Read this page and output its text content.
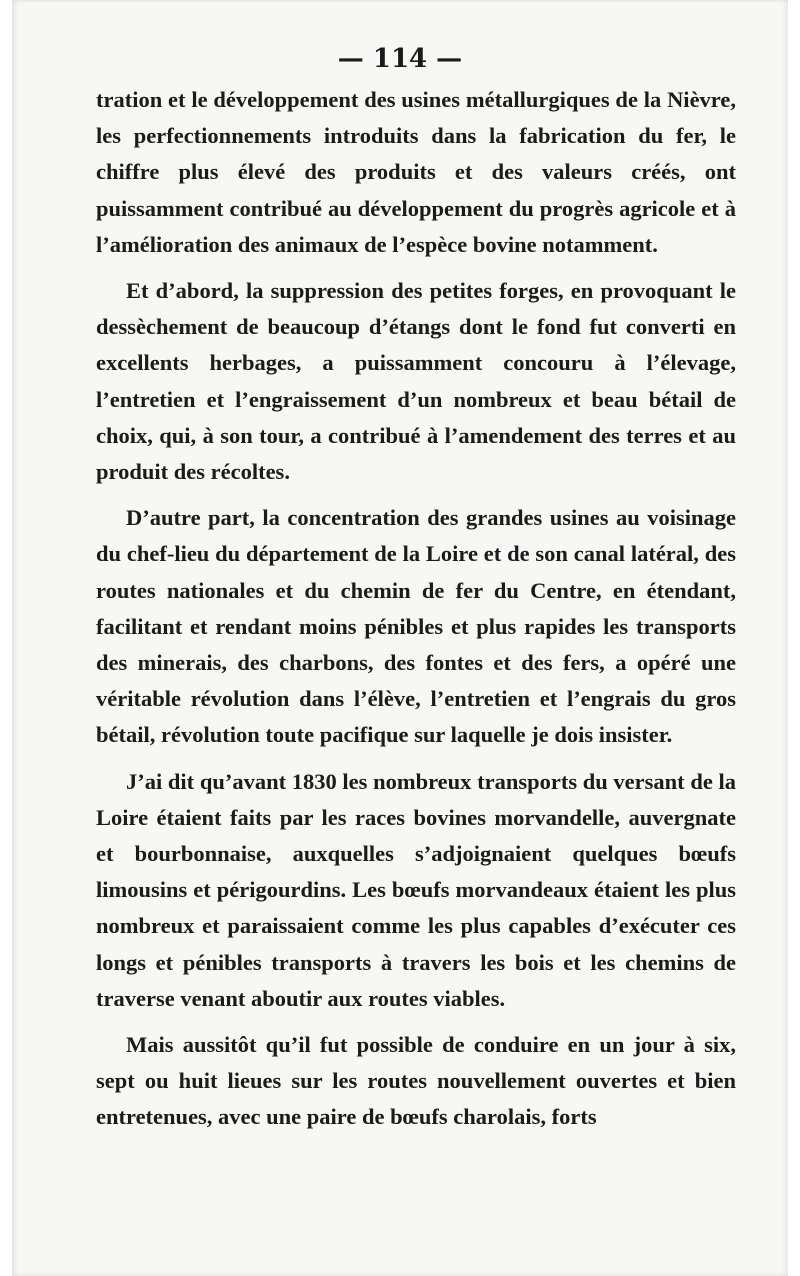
— 114 —

tration et le développement des usines métallurgiques de la Nièvre, les perfectionnements introduits dans la fabrication du fer, le chiffre plus élevé des produits et des valeurs créés, ont puissamment contribué au développement du progrès agricole et à l’amélioration des animaux de l’espèce bovine notamment.

Et d’abord, la suppression des petites forges, en provoquant le dessèchement de beaucoup d’étangs dont le fond fut converti en excellents herbages, a puissamment concouru à l’élevage, l’entretien et l’engraissement d’un nombreux et beau bétail de choix, qui, à son tour, a contribué à l’amendement des terres et au produit des récoltes.

D’autre part, la concentration des grandes usines au voisinage du chef-lieu du département de la Loire et de son canal latéral, des routes nationales et du chemin de fer du Centre, en étendant, facilitant et rendant moins pénibles et plus rapides les transports des minerais, des charbons, des fontes et des fers, a opéré une véritable révolution dans l’élève, l’entretien et l’engrais du gros bétail, révolution toute pacifique sur laquelle je dois insister.

J’ai dit qu’avant 1830 les nombreux transports du versant de la Loire étaient faits par les races bovines morvandelle, auvergnate et bourbonnaise, auxquelles s’adjoignaient quelques bœufs limousins et périgourdins. Les bœufs morvandeaux étaient les plus nombreux et paraissaient comme les plus capables d’exécuter ces longs et pénibles transports à travers les bois et les chemins de traverse venant aboutir aux routes viables.

Mais aussitôt qu’il fut possible de conduire en un jour à six, sept ou huit lieues sur les routes nouvellement ouvertes et bien entretenues, avec une paire de bœufs charolais, forts
